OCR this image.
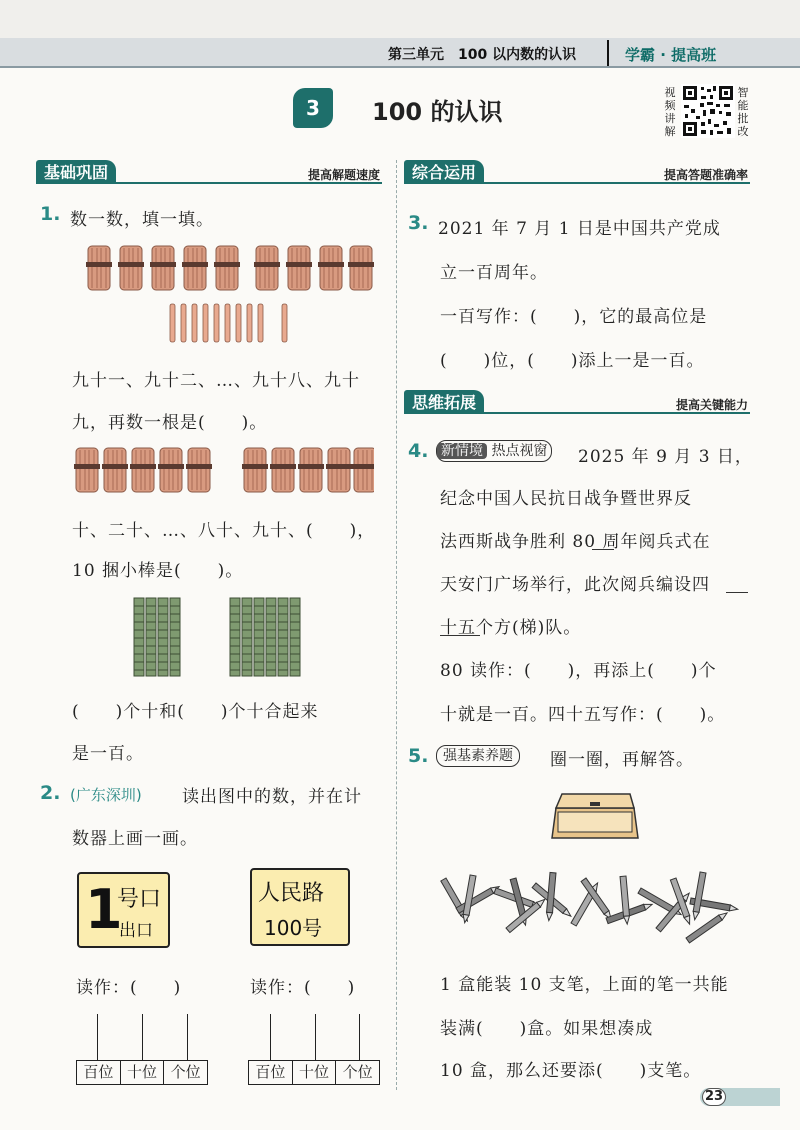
第三单元　100 以内数的认识	学霸 · 提高班
3	100 的认识
视频讲解
智能批改
基础巩固	提高解题速度
1. 数一数，填一填。
九十一、九十二、…、九十八、九十
九，再数一根是(　　)。
十、二十、…、八十、九十、(　　)，
10 捆小棒是(　　)。
(　　)个十和(　　)个十合起来
是一百。
2. (广东深圳) 读出图中的数，并在计
数器上画一画。
1
号口
出口
人民路
100号
读作：(　　)	读作：(　　)
百位 十位 个位	百位 十位 个位
综合运用	提高答题准确率
3. 2021 年 7 月 1 日是中国共产党成
立一百周年。
一百写作：(　　)，它的最高位是
(　　)位，(　　)添上一是一百。
思维拓展	提高关键能力
4. 新情境 热点视窗 2025 年 9 月 3 日，
纪念中国人民抗日战争暨世界反
法西斯战争胜利 80 周年阅兵式在
天安门广场举行，此次阅兵编设四
十五个方(梯)队。
80 读作：(　　)，再添上(　　)个
十就是一百。四十五写作：(　　)。
5.	强基素养题	圈一圈，再解答。
1 盒能装 10 支笔，上面的笔一共能
装满(　　)盒。如果想凑成
10 盒，那么还要添(　　)支笔。
23
